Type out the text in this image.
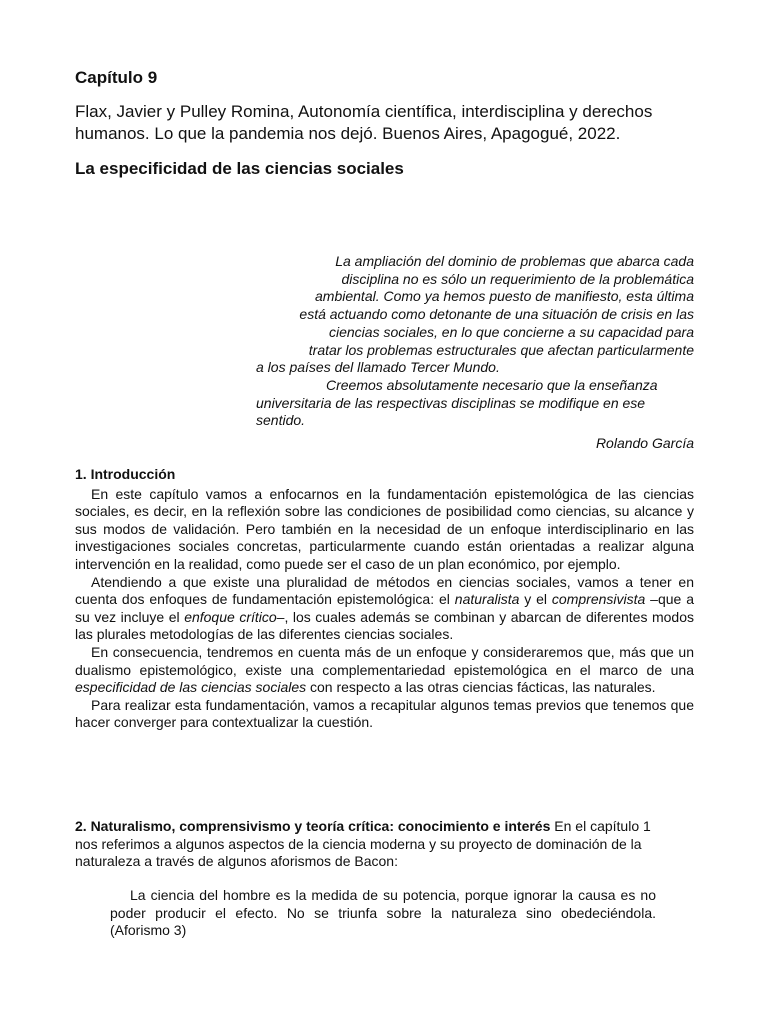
Capítulo 9
Flax, Javier y Pulley Romina, Autonomía científica, interdisciplina y derechos humanos. Lo que la pandemia nos dejó. Buenos Aires, Apagogué, 2022.
La especificidad de las ciencias sociales

La ampliación del dominio de problemas que abarca cada
disciplina no es sólo un requerimiento de la problemática
ambiental. Como ya hemos puesto de manifiesto, esta última
está actuando como detonante de una situación de crisis en las
ciencias sociales, en lo que concierne a su capacidad para
tratar los problemas estructurales que afectan particularmente

a los países del llamado Tercer Mundo.

Creemos absolutamente necesario que la enseñanza universitaria de las respectivas disciplinas se modifique en ese sentido.

Rolando García

1. Introducción

En este capítulo vamos a enfocarnos en la fundamentación epistemológica de las ciencias sociales, es decir, en la reflexión sobre las condiciones de posibilidad como ciencias, su alcance y sus modos de validación. Pero también en la necesidad de un enfoque interdisciplinario en las investigaciones sociales concretas, particularmente cuando están orientadas a realizar alguna intervención en la realidad, como puede ser el caso de un plan económico, por ejemplo.

Atendiendo a que existe una pluralidad de métodos en ciencias sociales, vamos a tener en cuenta dos enfoques de fundamentación epistemológica: el naturalista y el comprensivista –que a su vez incluye el enfoque crítico–, los cuales además se combinan y abarcan de diferentes modos las plurales metodologías de las diferentes ciencias sociales.

En consecuencia, tendremos en cuenta más de un enfoque y consideraremos que, más que un dualismo epistemológico, existe una complementariedad epistemológica en el marco de una especificidad de las ciencias sociales con respecto a las otras ciencias fácticas, las naturales.

Para realizar esta fundamentación, vamos a recapitular algunos temas previos que tenemos que hacer converger para contextualizar la cuestión.

2. Naturalismo, comprensivismo y teoría crítica: conocimiento e interés En el capítulo 1 nos referimos a algunos aspectos de la ciencia moderna y su proyecto de dominación de la naturaleza a través de algunos aforismos de Bacon:

La ciencia del hombre es la medida de su potencia, porque ignorar la causa es no poder producir el efecto. No se triunfa sobre la naturaleza sino obedeciéndola. (Aforismo 3)
